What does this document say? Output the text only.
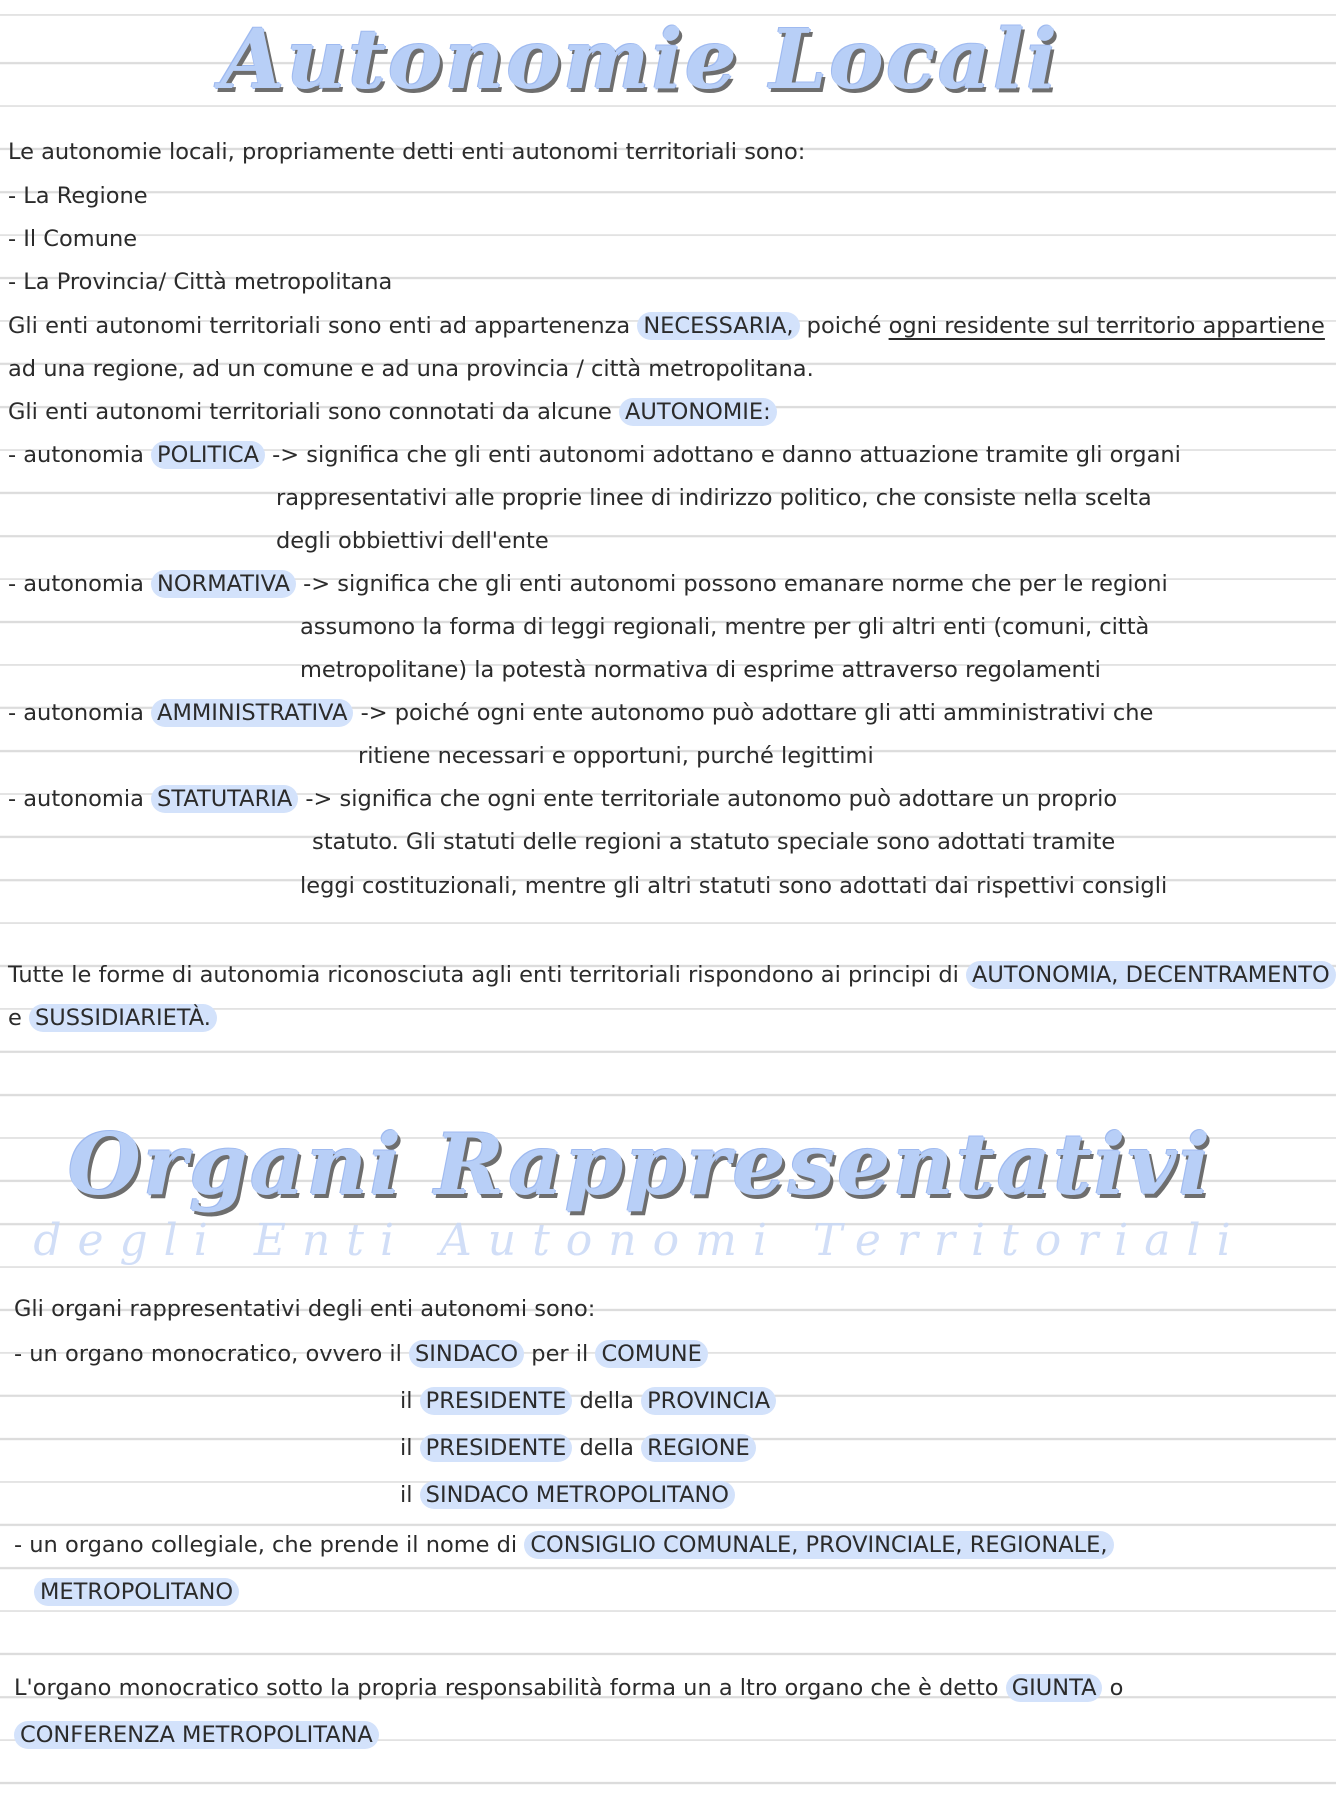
Autonomie Locali
Le autonomie locali, propriamente detti enti autonomi territoriali sono:
- La Regione
- Il Comune
- La Provincia/ Città metropolitana
Gli enti autonomi territoriali sono enti ad appartenenza NECESSARIA, poiché ogni residente sul territorio appartiene
ad una regione, ad un comune e ad una provincia / città metropolitana.
Gli enti autonomi territoriali sono connotati da alcune AUTONOMIE:
- autonomia POLITICA -> significa che gli enti autonomi adottano e danno attuazione tramite gli organi
rappresentativi alle proprie linee di indirizzo politico, che consiste nella scelta
degli obbiettivi dell'ente
- autonomia NORMATIVA -> significa che gli enti autonomi possono emanare norme che per le regioni
assumono la forma di leggi regionali, mentre per gli altri enti (comuni, città
metropolitane) la potestà normativa di esprime attraverso regolamenti
- autonomia AMMINISTRATIVA -> poiché ogni ente autonomo può adottare gli atti amministrativi che
ritiene necessari e opportuni, purché legittimi
- autonomia STATUTARIA -> significa che ogni ente territoriale autonomo può adottare un proprio
statuto. Gli statuti delle regioni a statuto speciale sono adottati tramite
leggi costituzionali, mentre gli altri statuti sono adottati dai rispettivi consigli
Tutte le forme di autonomia riconosciuta agli enti territoriali rispondono ai principi di AUTONOMIA, DECENTRAMENTO
e SUSSIDIARIETÀ.
Organi Rappresentativi
degli Enti Autonomi Territoriali
Gli organi rappresentativi degli enti autonomi sono:
- un organo monocratico, ovvero il SINDACO per il COMUNE
il PRESIDENTE della PROVINCIA
il PRESIDENTE della REGIONE
il SINDACO METROPOLITANO
- un organo collegiale, che prende il nome di CONSIGLIO COMUNALE, PROVINCIALE, REGIONALE,
METROPOLITANO
L'organo monocratico sotto la propria responsabilità forma un a ltro organo che è detto GIUNTA o
CONFERENZA METROPOLITANA
